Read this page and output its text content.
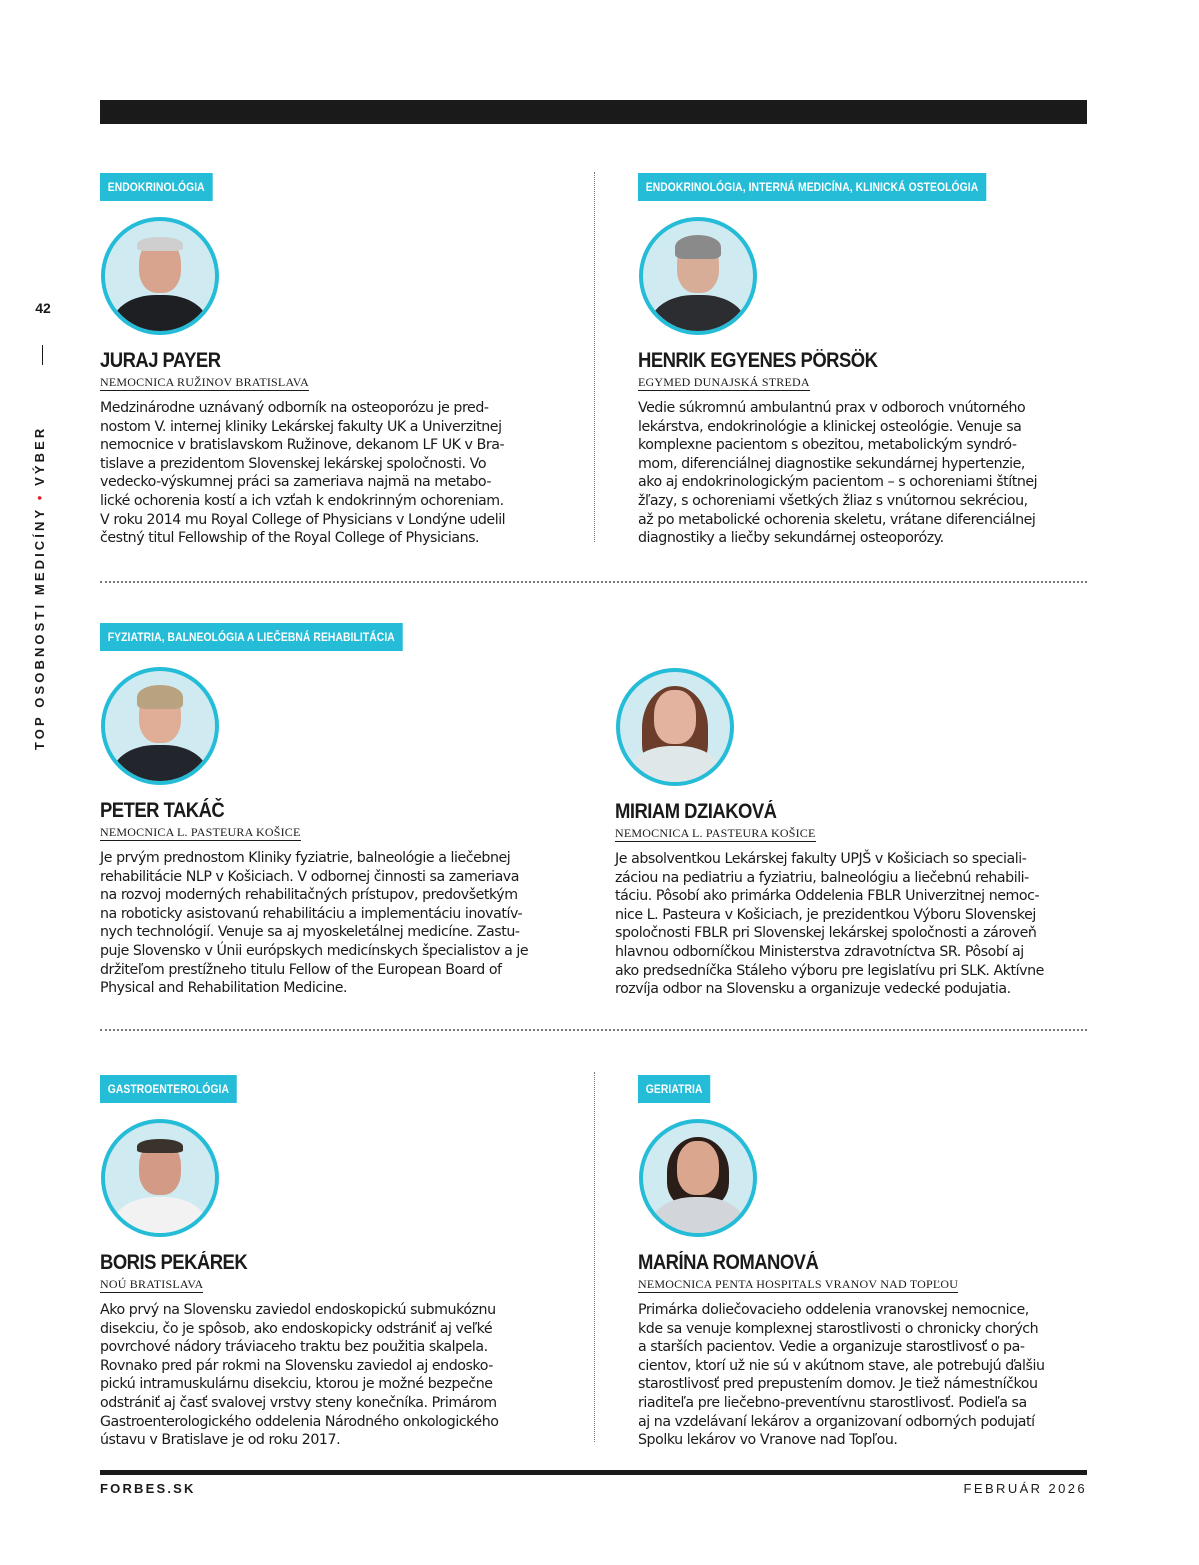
42
TOP OSOBNOSTI MEDICÍNY • VÝBER
ENDOKRINOLÓGIA
JURAJ PAYER
NEMOCNICA RUŽINOV BRATISLAVA
Medzinárodne uznávaný odborník na osteoporózu je pred-
nostom V. internej kliniky Lekárskej fakulty UK a Univerzitnej
nemocnice v bratislavskom Ružinove, dekanom LF UK v Bra-
tislave a prezidentom Slovenskej lekárskej spoločnosti. Vo
vedecko-výskumnej práci sa zameriava najmä na metabo-
lické ochorenia kostí a ich vzťah k endokrinným ochoreniam.
V roku 2014 mu Royal College of Physicians v Londýne udelil
čestný titul Fellowship of the Royal College of Physicians.
ENDOKRINOLÓGIA, INTERNÁ MEDICÍNA, KLINICKÁ OSTEOLÓGIA
HENRIK EGYENES PÖRSÖK
EGYMED DUNAJSKÁ STREDA
Vedie súkromnú ambulantnú prax v odboroch vnútorného
lekárstva, endokrinológie a klinickej osteológie. Venuje sa
komplexne pacientom s obezitou, metabolickým syndró-
mom, diferenciálnej diagnostike sekundárnej hypertenzie,
ako aj endokrinologickým pacientom – s ochoreniami štítnej
žľazy, s ochoreniami všetkých žliaz s vnútornou sekréciou,
až po metabolické ochorenia skeletu, vrátane diferenciálnej
diagnostiky a liečby sekundárnej osteoporózy.
FYZIATRIA, BALNEOLÓGIA A LIEČEBNÁ REHABILITÁCIA
PETER TAKÁČ
NEMOCNICA L. PASTEURA KOŠICE
Je prvým prednostom Kliniky fyziatrie, balneológie a liečebnej
rehabilitácie NLP v Košiciach. V odbornej činnosti sa zameriava
na rozvoj moderných rehabilitačných prístupov, predovšetkým
na roboticky asistovanú rehabilitáciu a implementáciu inovatív-
nych technológií. Venuje sa aj myoskeletálnej medicíne. Zastu-
puje Slovensko v Únii európskych medicínskych špecialistov a je
držiteľom prestížneho titulu Fellow of the European Board of
Physical and Rehabilitation Medicine.
MIRIAM DZIAKOVÁ
NEMOCNICA L. PASTEURA KOŠICE
Je absolventkou Lekárskej fakulty UPJŠ v Košiciach so speciali-
záciou na pediatriu a fyziatriu, balneológiu a liečebnú rehabili-
táciu. Pôsobí ako primárka Oddelenia FBLR Univerzitnej nemoc-
nice L. Pasteura v Košiciach, je prezidentkou Výboru Slovenskej
spoločnosti FBLR pri Slovenskej lekárskej spoločnosti a zároveň
hlavnou odborníčkou Ministerstva zdravotníctva SR. Pôsobí aj
ako predsedníčka Stáleho výboru pre legislatívu pri SLK. Aktívne
rozvíja odbor na Slovensku a organizuje vedecké podujatia.
GASTROENTEROLÓGIA
BORIS PEKÁREK
NOÚ BRATISLAVA
Ako prvý na Slovensku zaviedol endoskopickú submukóznu
disekciu, čo je spôsob, ako endoskopicky odstrániť aj veľké
povrchové nádory tráviaceho traktu bez použitia skalpela.
Rovnako pred pár rokmi na Slovensku zaviedol aj endosko-
pickú intramuskulárnu disekciu, ktorou je možné bezpečne
odstrániť aj časť svalovej vrstvy steny konečníka. Primárom
Gastroenterologického oddelenia Národného onkologického
ústavu v Bratislave je od roku 2017.
GERIATRIA
MARÍNA ROMANOVÁ
NEMOCNICA PENTA HOSPITALS VRANOV NAD TOPĽOU
Primárka doliečovacieho oddelenia vranovskej nemocnice,
kde sa venuje komplexnej starostlivosti o chronicky chorých
a starších pacientov. Vedie a organizuje starostlivosť o pa-
cientov, ktorí už nie sú v akútnom stave, ale potrebujú ďalšiu
starostlivosť pred prepustením domov. Je tiež námestníčkou
riaditeľa pre liečebno-preventívnu starostlivosť. Podieľa sa
aj na vzdelávaní lekárov a organizovaní odborných podujatí
Spolku lekárov vo Vranove nad Topľou.
FORBES.SK	FEBRUÁR 2026
